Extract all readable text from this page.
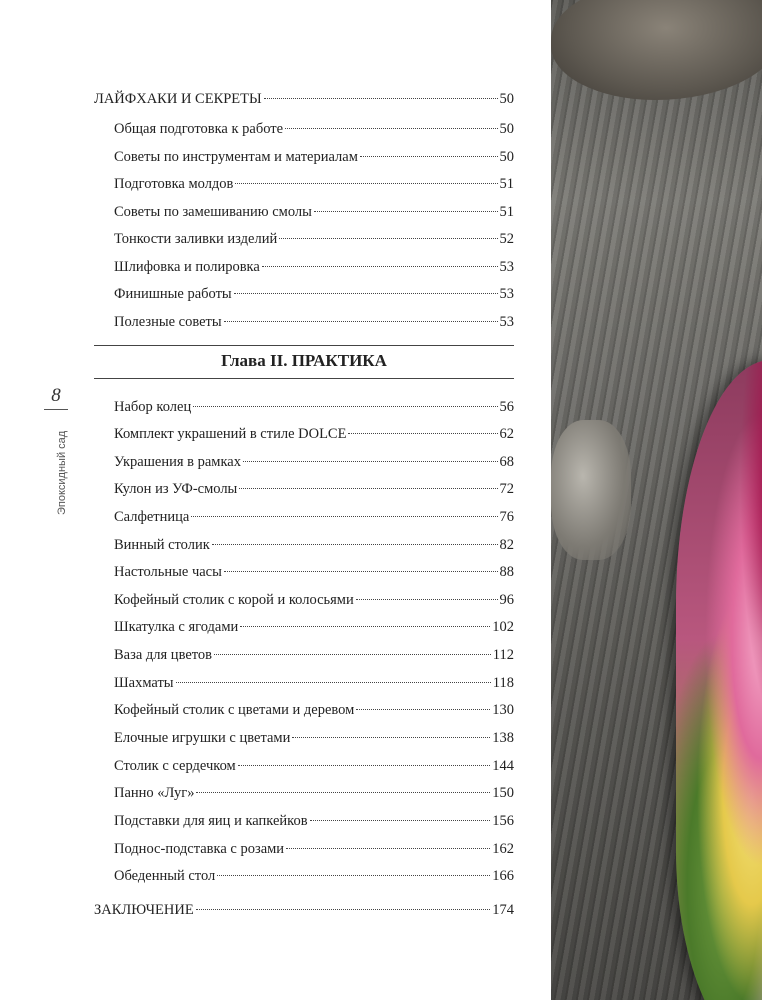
8
Эпоксидный сад
ЛАЙФХАКИ И СЕКРЕТЫ	50
Общая подготовка к работе	50
Советы по инструментам и материалам	50
Подготовка молдов	51
Советы по замешиванию смолы	51
Тонкости заливки изделий	52
Шлифовка и полировка	53
Финишные работы	53
Полезные советы	53
Глава II. ПРАКТИКА
Набор колец	56
Комплект украшений в стиле DOLCE	62
Украшения в рамках	68
Кулон из УФ-смолы	72
Салфетница	76
Винный столик	82
Настольные часы	88
Кофейный столик с корой и колосьями	96
Шкатулка с ягодами	102
Ваза для цветов	112
Шахматы	118
Кофейный столик с цветами и деревом	130
Елочные игрушки с цветами	138
Столик с сердечком	144
Панно «Луг»	150
Подставки для яиц и капкейков	156
Поднос-подставка с розами	162
Обеденный стол	166
ЗАКЛЮЧЕНИЕ	174
